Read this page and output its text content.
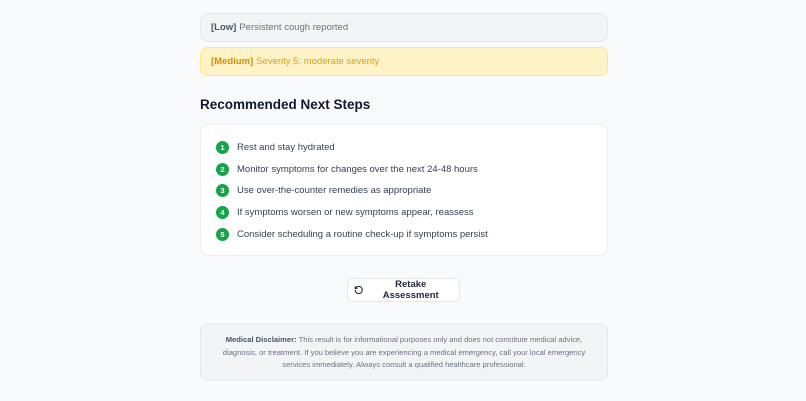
[Low] Persistent cough reported
[Medium] Severity 5: moderate severity
Recommended Next Steps
1	Rest and stay hydrated
2	Monitor symptoms for changes over the next 24-48 hours
3	Use over-the-counter remedies as appropriate
4	If symptoms worsen or new symptoms appear, reassess
5	Consider scheduling a routine check-up if symptoms persist
Medical Disclaimer: This result is for informational purposes only and does not constitute medical advice, diagnosis, or treatment. If you believe you are experiencing a medical emergency, call your local emergency services immediately. Always consult a qualified healthcare professional.
Retake Assessment
